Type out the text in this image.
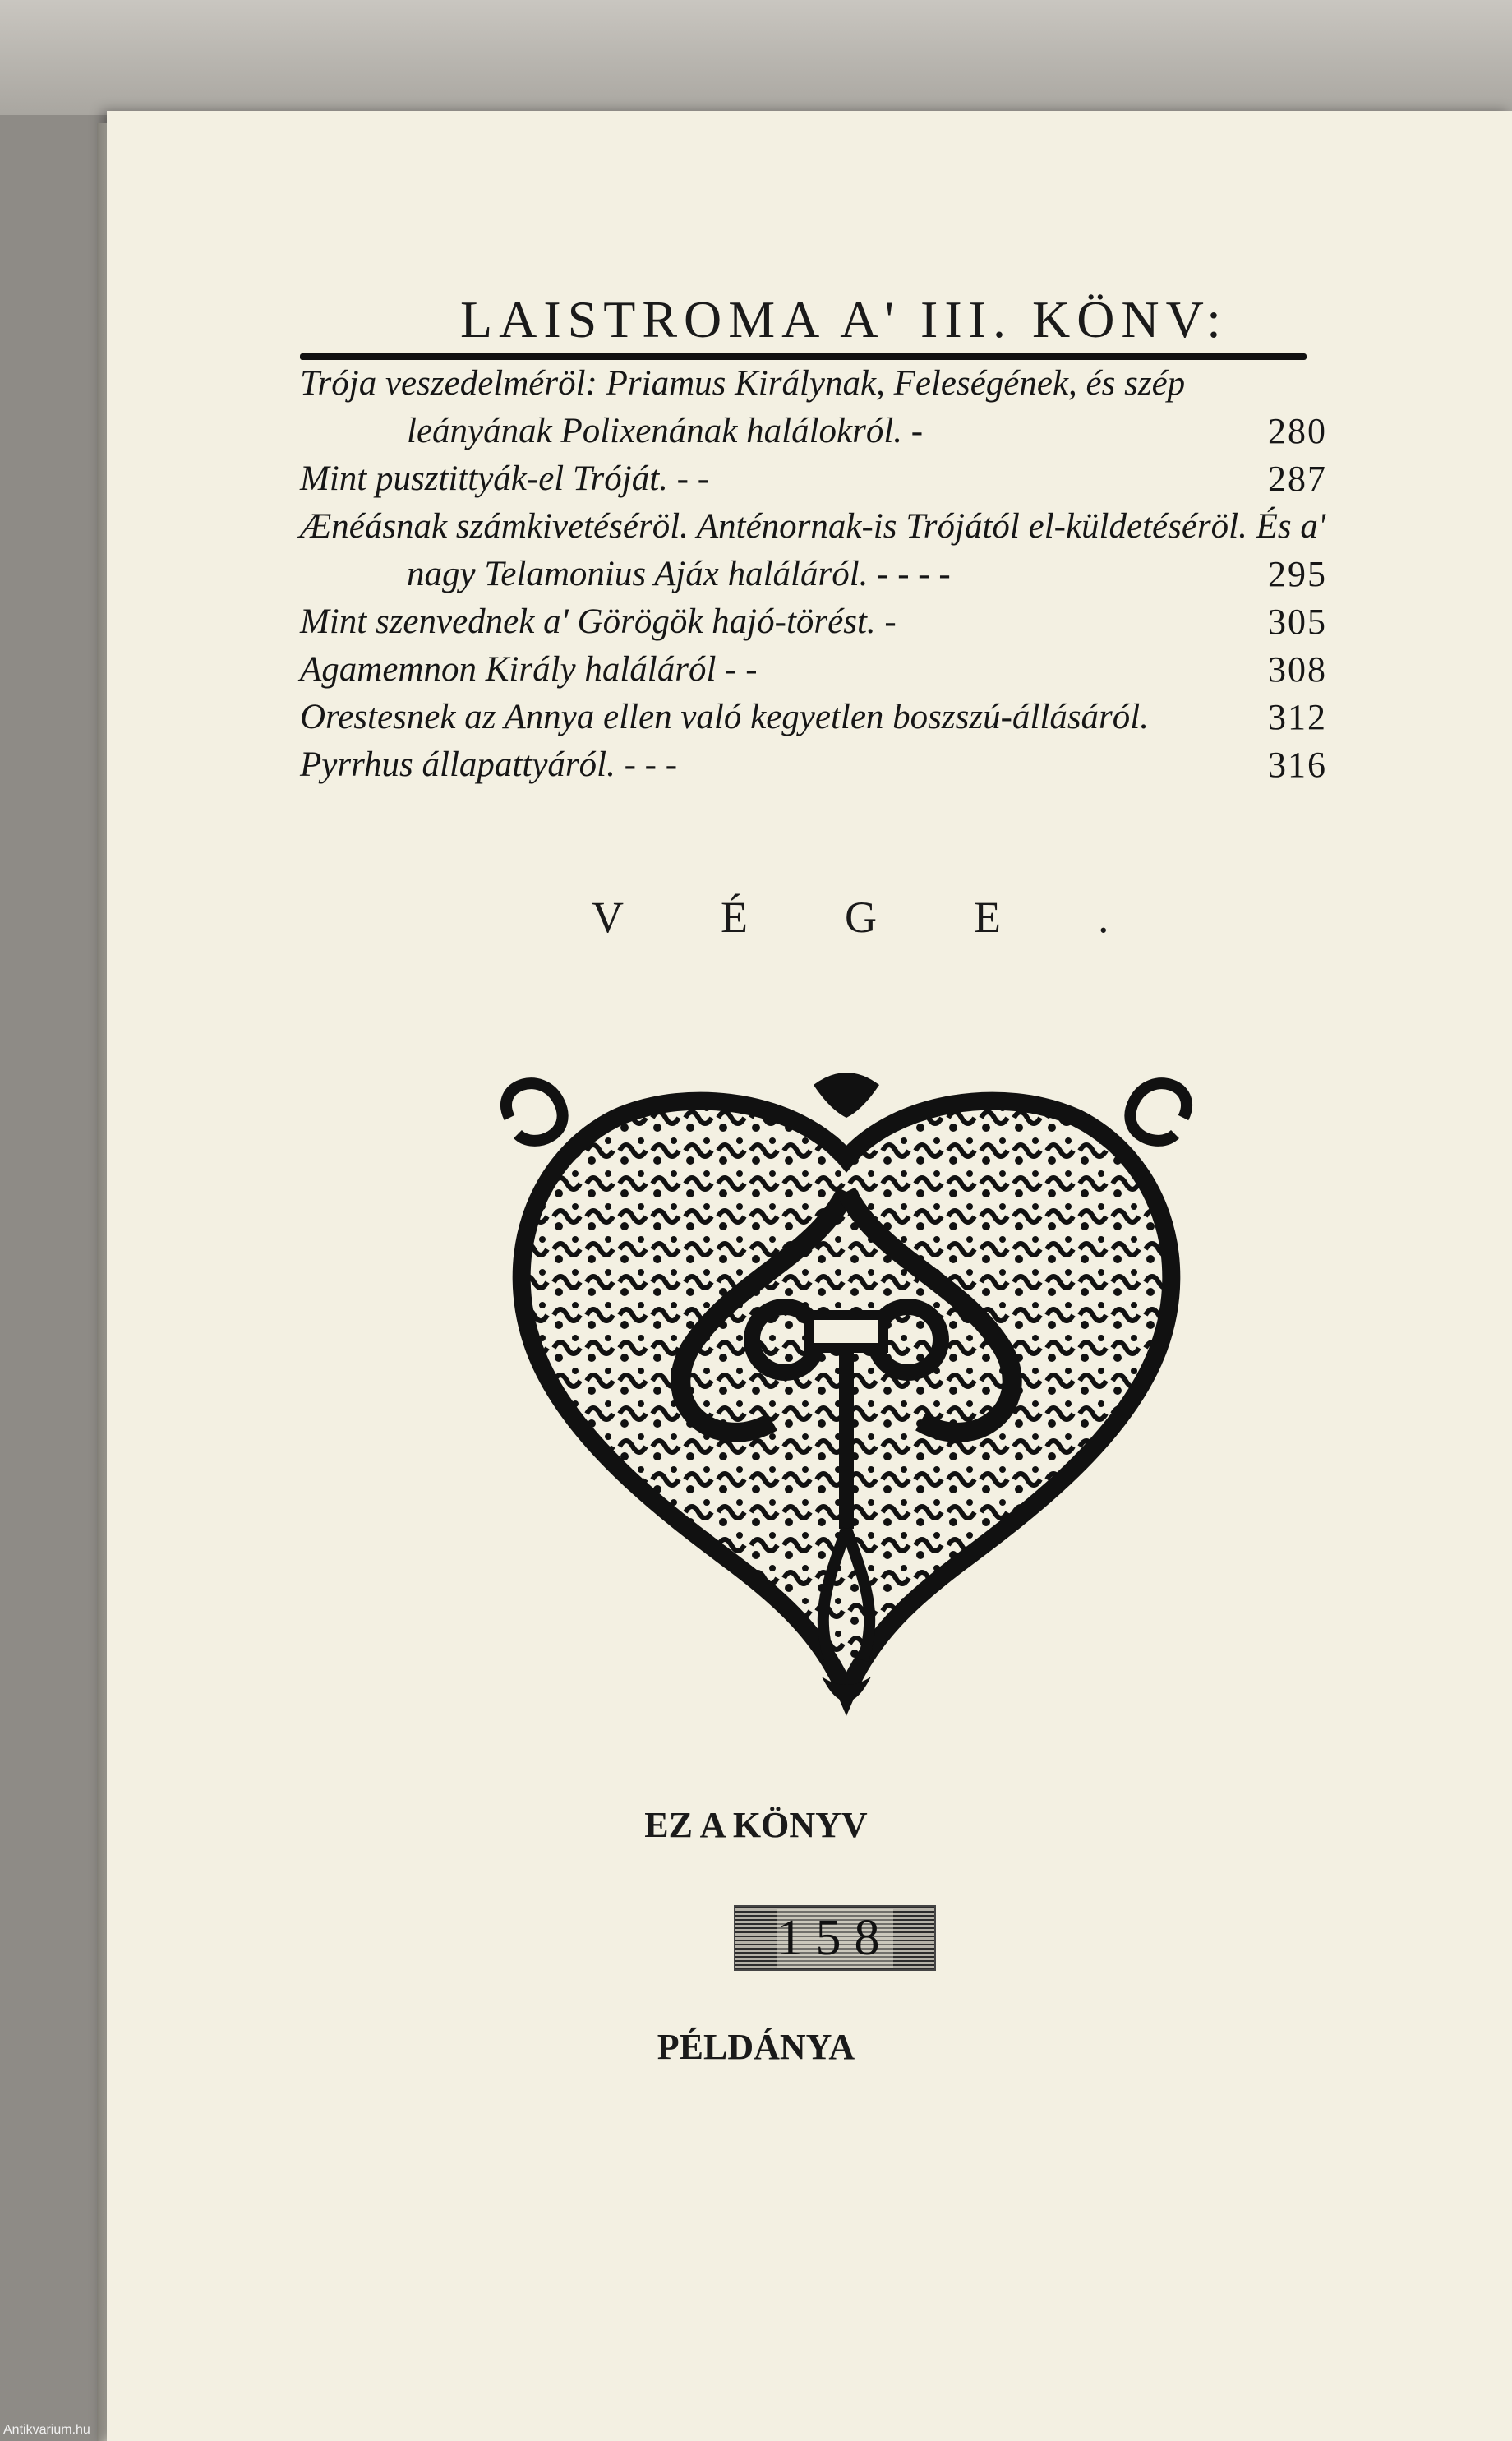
LAISTROMA A' III. KÖNV:
Trója veszedelméröl: Priamus Királynak, Feleségének, és szép leányának Polixenának halálokról. -	280
Mint pusztittyák-el Tróját. - -	287
Ænéásnak számkivetéséröl. Anténornak-is Trójától el-küldetéséröl. És a' nagy Telamonius Ajáx haláláról. - - - -	295
Mint szenvednek a' Görögök hajó-törést. -	305
Agamemnon Király haláláról - -	308
Orestesnek az Annya ellen való kegyetlen boszszú-állásáról.	312
Pyrrhus állapattyáról. - - -	316
VÉGE.
EZ A KÖNYV
158
PÉLDÁNYA
Antikvarium.hu
